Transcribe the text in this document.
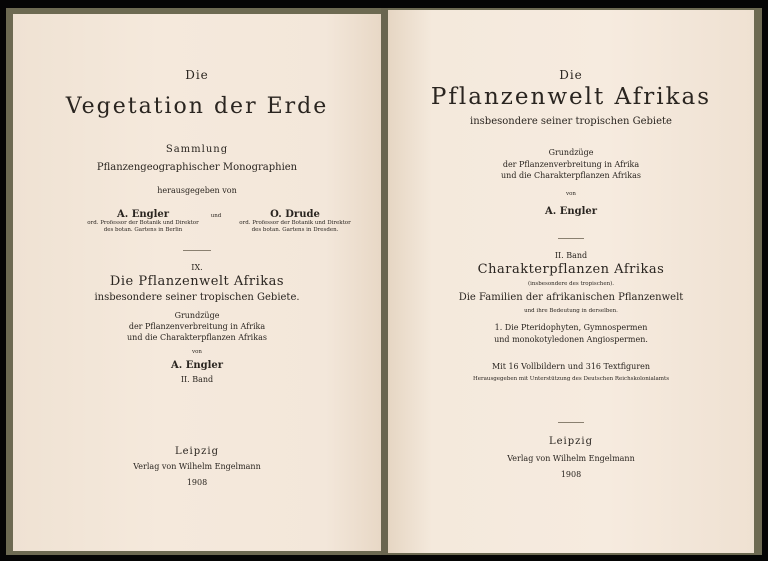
Die
Vegetation der Erde
Sammlung
Pflanzengeographischer Monographien
herausgegeben von
A. Engler
ord. Professor der Botanik und Direktor
des botan. Gartens in Berlin
und	O. Drude
ord. Professor der Botanik und Direktor
des botan. Gartens in Dresden.
IX.
Die Pflanzenwelt Afrikas
insbesondere seiner tropischen Gebiete.
Grundzüge
der Pflanzenverbreitung in Afrika
und die Charakterpflanzen Afrikas
von
A. Engler
II. Band
Leipzig
Verlag von Wilhelm Engelmann
1908
Die
Pflanzenwelt Afrikas
insbesondere seiner tropischen Gebiete
Grundzüge
der Pflanzenverbreitung in Afrika
und die Charakterpflanzen Afrikas
von
A. Engler
II. Band
Charakterpflanzen Afrikas
(insbesondere des tropischen).
Die Familien der afrikanischen Pflanzenwelt
und ihre Bedeutung in derselben.
1. Die Pteridophyten, Gymnospermen
und monokotyledonen Angiospermen.
Mit 16 Vollbildern und 316 Textfiguren
Herausgegeben mit Unterstützung des Deutschen Reichskolonialamts
Leipzig
Verlag von Wilhelm Engelmann
1908
